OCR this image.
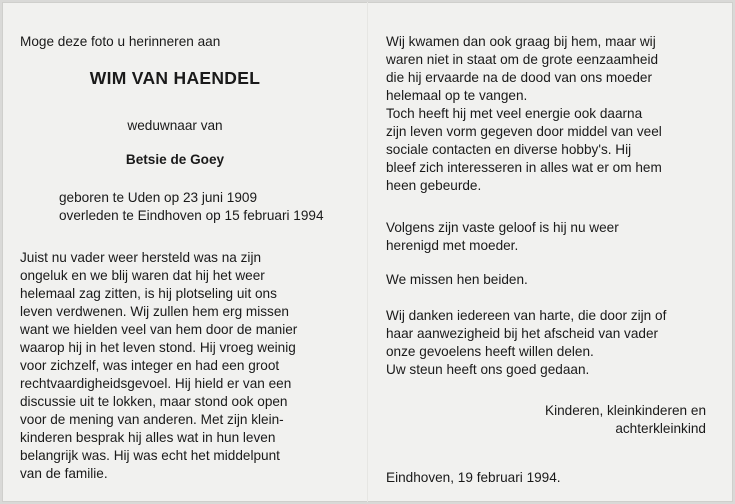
Moge deze foto u herinneren aan
WIM VAN HAENDEL
weduwnaar van
Betsie de Goey
geboren te Uden op 23 juni 1909
overleden te Eindhoven op 15 februari 1994
Juist nu vader weer hersteld was na zijn
ongeluk en we blij waren dat hij het weer
helemaal zag zitten, is hij plotseling uit ons
leven verdwenen. Wij zullen hem erg missen
want we hielden veel van hem door de manier
waarop hij in het leven stond. Hij vroeg weinig
voor zichzelf, was integer en had een groot
rechtvaardigheidsgevoel. Hij hield er van een
discussie uit te lokken, maar stond ook open
voor de mening van anderen. Met zijn klein-
kinderen besprak hij alles wat in hun leven
belangrijk was. Hij was echt het middelpunt
van de familie.
Wij kwamen dan ook graag bij hem, maar wij
waren niet in staat om de grote eenzaamheid
die hij ervaarde na de dood van ons moeder
helemaal op te vangen.
Toch heeft hij met veel energie ook daarna
zijn leven vorm gegeven door middel van veel
sociale contacten en diverse hobby's. Hij
bleef zich interesseren in alles wat er om hem
heen gebeurde.
Volgens zijn vaste geloof is hij nu weer
herenigd met moeder.
We missen hen beiden.
Wij danken iedereen van harte, die door zijn of
haar aanwezigheid bij het afscheid van vader
onze gevoelens heeft willen delen.
Uw steun heeft ons goed gedaan.
Kinderen, kleinkinderen en
achterkleinkind
Eindhoven, 19 februari 1994.
